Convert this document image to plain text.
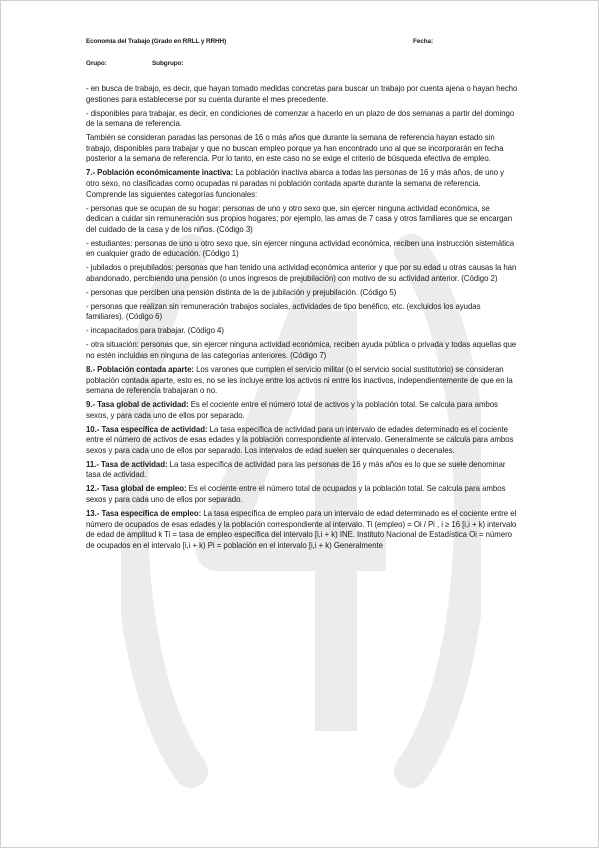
Economía del Trabajo (Grado en RRLL y RRHH)	Fecha:
Grupo:	Subgrupo:

- en busca de trabajo, es decir, que hayan tomado medidas concretas para buscar un trabajo por cuenta ajena o hayan hecho gestiones para establecerse por su cuenta durante el mes precedente.

- disponibles para trabajar, es decir, en condiciones de comenzar a hacerlo en un plazo de dos semanas a partir del domingo de la semana de referencia.

También se consideran paradas las personas de 16 o más años que durante la semana de referencia hayan estado sin trabajo, disponibles para trabajar y que no buscan empleo porque ya han encontrado uno al que se incorporarán en fecha posterior a la semana de referencia. Por lo tanto, en este caso no se exige el criterio de búsqueda efectiva de empleo.

7.- Población económicamente inactiva: La población inactiva abarca a todas las personas de 16 y más años, de uno y otro sexo, no clasificadas como ocupadas ni paradas ni población contada aparte durante la semana de referencia. Comprende las siguientes categorías funcionales:

- personas que se ocupan de su hogar: personas de uno y otro sexo que, sin ejercer ninguna actividad económica, se dedican a cuidar sin remuneración sus propios hogares; por ejemplo, las amas de 7 casa y otros familiares que se encargan del cuidado de la casa y de los niños. (Código 3)

- estudiantes: personas de uno u otro sexo que, sin ejercer ninguna actividad económica, reciben una instrucción sistemática en cualquier grado de educación. (Código 1)

- jubilados o prejubilados: personas que han tenido una actividad económica anterior y que por su edad u otras causas la han abandonado, percibiendo una pensión (o unos ingresos de prejubilación) con motivo de su actividad anterior. (Código 2)

- personas que perciben una pensión distinta de la de jubilación y prejubilación. (Código 5)

- personas que realizan sin remuneración trabajos sociales, actividades de tipo benéfico, etc. (excluidos los ayudas familiares). (Código 6)

- incapacitados para trabajar. (Código 4)

- otra situación: personas que, sin ejercer ninguna actividad económica, reciben ayuda pública o privada y todas aquellas que no estén incluidas en ninguna de las categorías anteriores. (Código 7)

8.- Población contada aparte: Los varones que cumplen el servicio militar (o el servicio social sustitutorio) se consideran población contada aparte, esto es, no se les incluye entre los activos ni entre los inactivos, independientemente de que en la semana de referencia trabajaran o no.

9.- Tasa global de actividad: Es el cociente entre el número total de activos y la población total. Se calcula para ambos sexos, y para cada uno de ellos por separado.

10.- Tasa específica de actividad: La tasa específica de actividad para un intervalo de edades determinado es el cociente entre el número de activos de esas edades y la población correspondiente al intervalo. Generalmente se calcula para ambos sexos y para cada uno de ellos por separado. Los intervalos de edad suelen ser quinquenales o decenales.

11.- Tasa de actividad: La tasa específica de actividad para las personas de 16 y más años es lo que se suele denominar tasa de actividad.

12.- Tasa global de empleo: Es el cociente entre el número total de ocupados y la población total. Se calcula para ambos sexos y para cada uno de ellos por separado.

13.- Tasa específica de empleo: La tasa específica de empleo para un intervalo de edad determinado es el cociente entre el número de ocupados de esas edades y la población correspondiente al intervalo. Ti (empleo) = Oi / Pi , i ≥ 16 [i,i + k) intervalo de edad de amplitud k Ti = tasa de empleo específica del intervalo [i,i + k) INE. Instituto Nacional de Estadística Oi = número de ocupados en el intervalo [i,i + k) Pi = población en el intervalo [i,i + k) Generalmente
